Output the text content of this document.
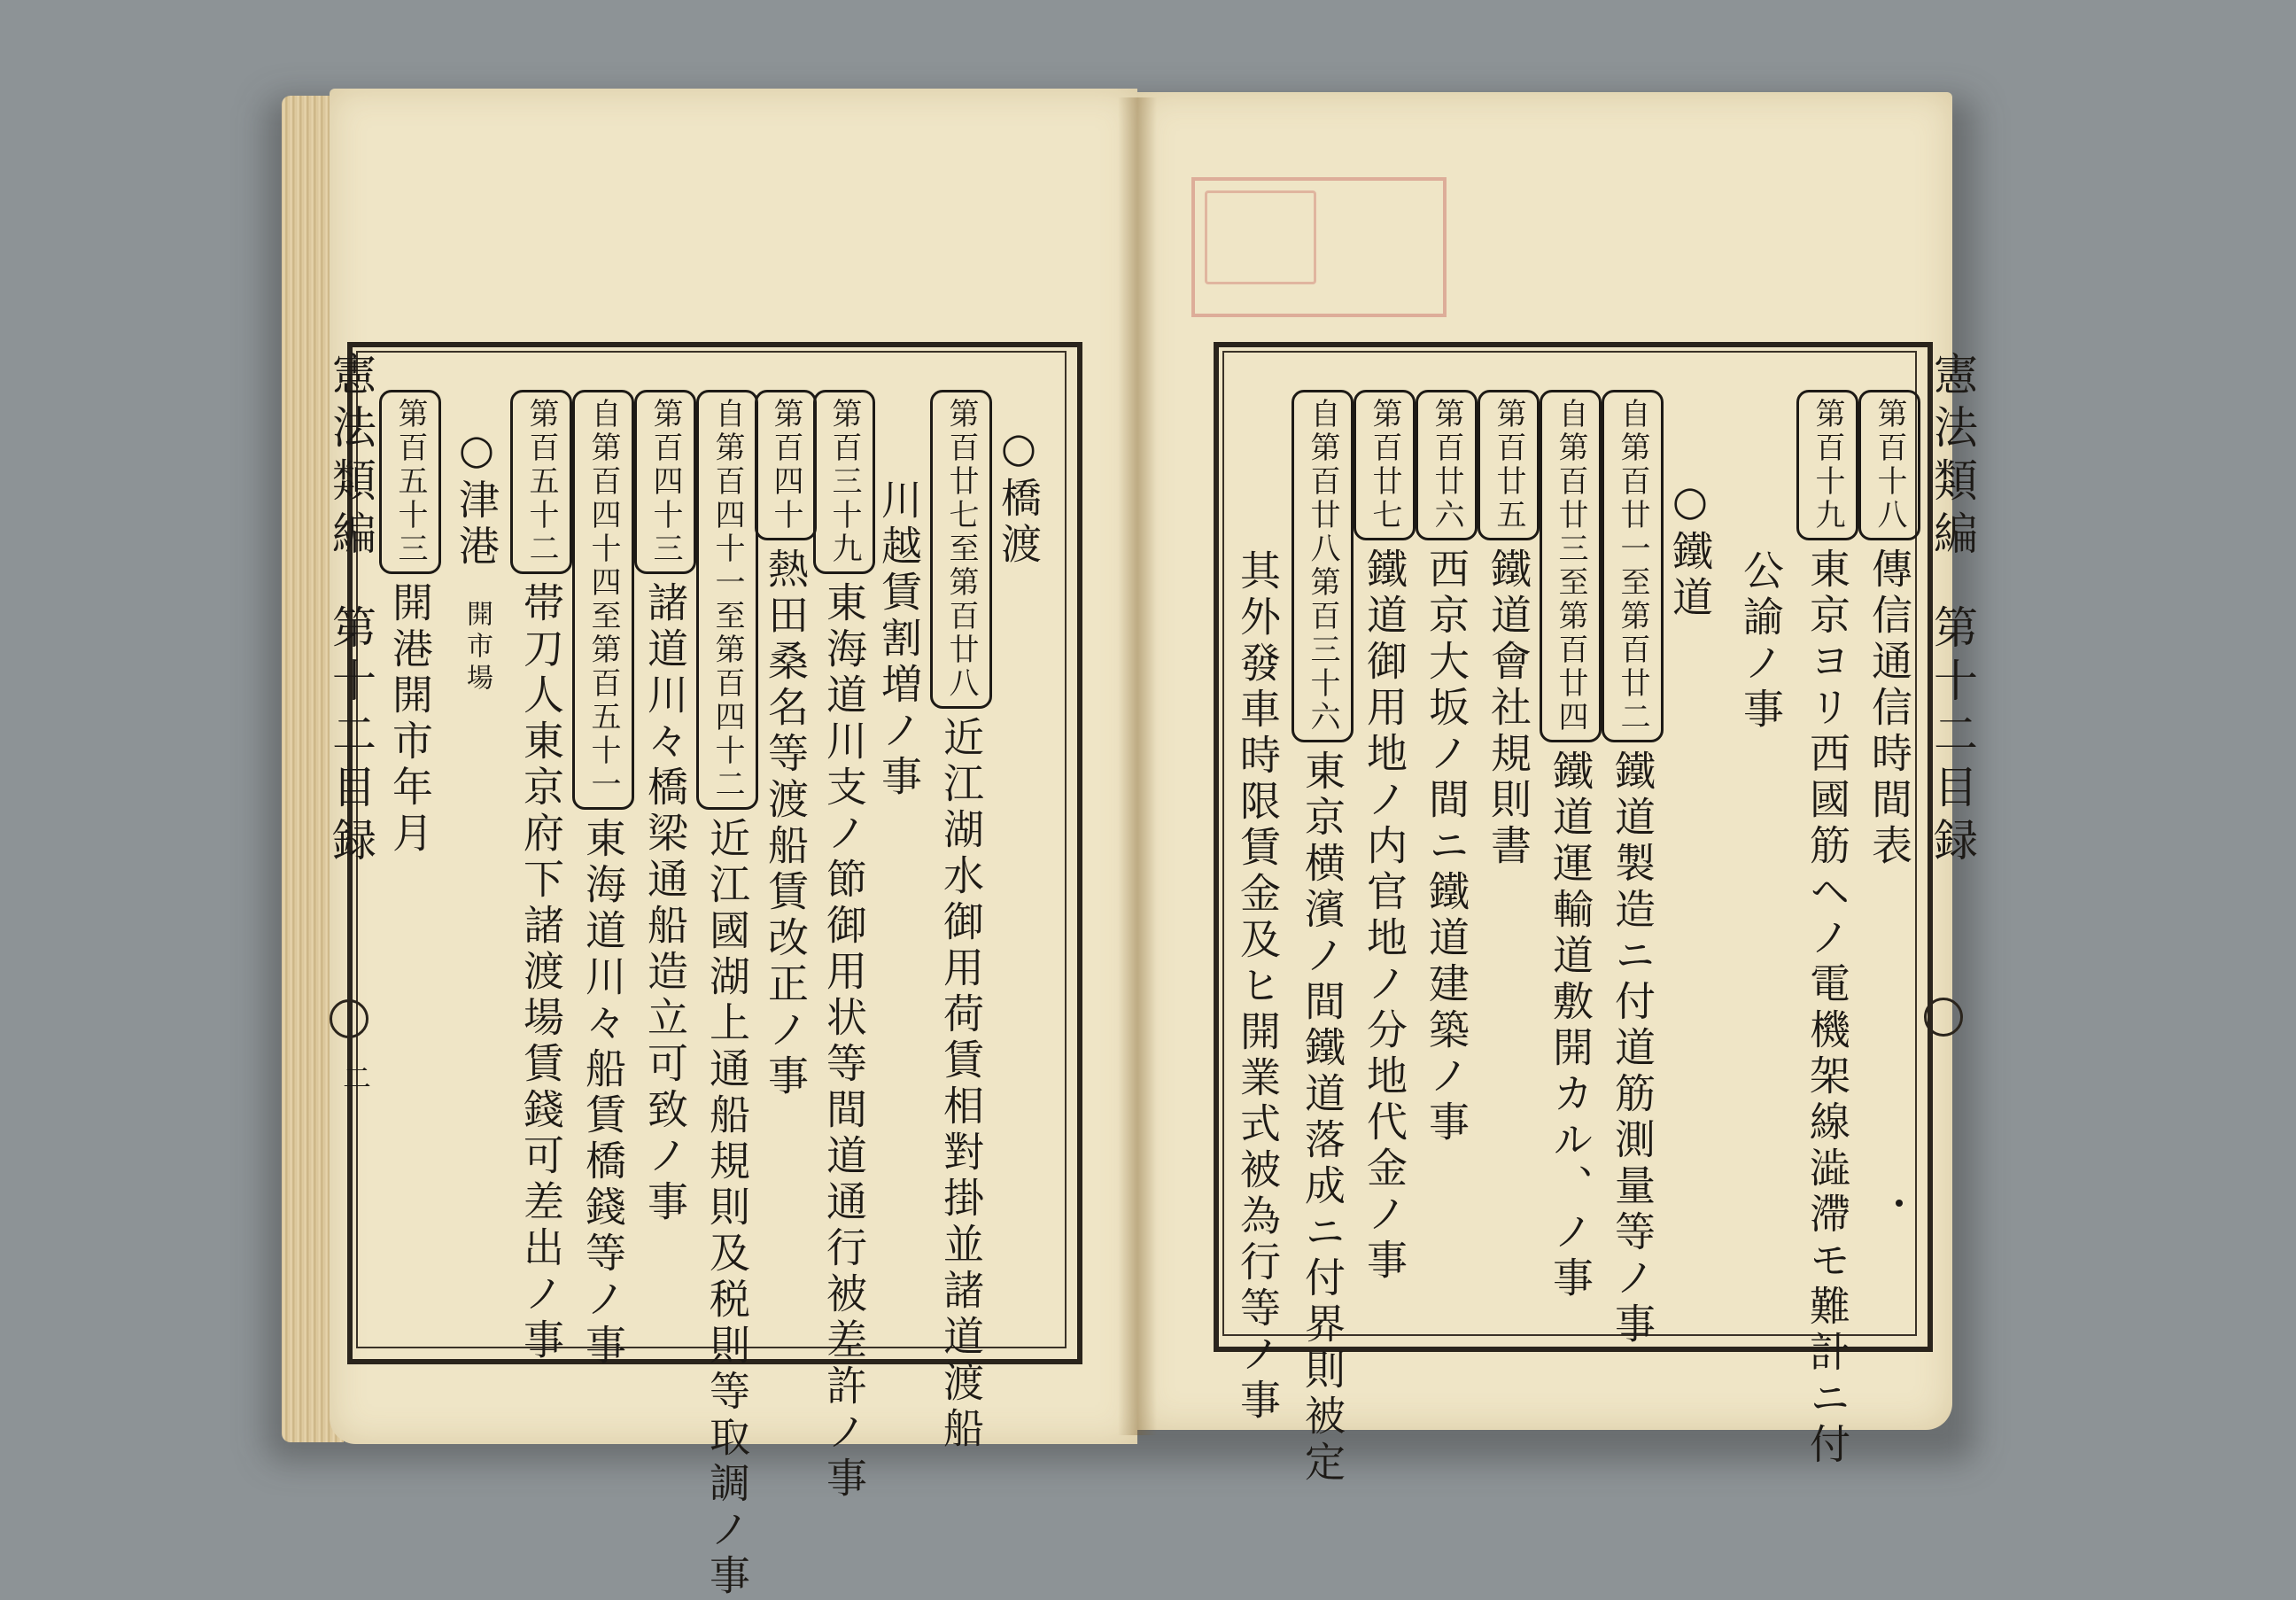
憲法類編 第十二目録
二
憲法類編 第十二目録
○橋渡
第百廿七至第百廿八近江湖水御用荷賃相對掛並諸道渡船
川越賃割増ノ事
第百三十九東海道川支ノ節御用状等間道通行被差許ノ事
第百四十熱田桑名等渡船賃改正ノ事
自第百四十一至第百四十二近江國湖上通船規則及税則等取調ノ事
第百四十三諸道川々橋梁通船造立可致ノ事
自第百四十四至第百五十一東海道川々船賃橋錢等ノ事
第百五十二帯刀人東京府下諸渡場賃錢可差出ノ事
○津港 開市場
第百五十三開港開市年月
第百十八傳信通信時間表
第百十九東京ヨリ西國筋ヘノ電機架線澁滯モ難計ニ付
公諭ノ事
○鐵道
自第百廿一至第百廿二鐵道製造ニ付道筋測量等ノ事
自第百廿三至第百廿四鐵道運輸道敷開カル、ノ事
第百廿五鐵道會社規則書
第百廿六西京大坂ノ間ニ鐵道建築ノ事
第百廿七鐵道御用地ノ内官地ノ分地代金ノ事
自第百廿八第百三十六東京横濱ノ間鐵道落成ニ付界則被定
其外發車時限賃金及ヒ開業式被為行等ノ事
